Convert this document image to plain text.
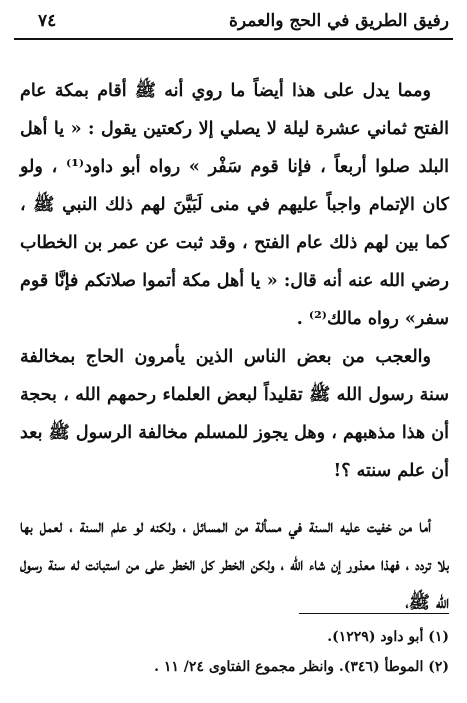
رفيق الطريق في الحج والعمرة
٧٤

ومما يدل على هذا أيضاً ما روي أنه ﷺ أقام بمكة عام الفتح ثماني عشرة ليلة لا يصلي إلا ركعتين يقول : « يا أهل البلد صلوا أربعاً ، فإنا قوم سَفْر » رواه أبو داود⁽¹⁾ ، ولو كان الإتمام واجباً عليهم في منى لَبَيَّنَ لهم ذلك النبي ﷺ ، كما بين لهم ذلك عام الفتح ، وقد ثبت عن عمر بن الخطاب رضي الله عنه أنه قال: « يا أهل مكة أتموا صلاتكم فإنَّا قوم سفر» رواه مالك⁽²⁾ .

والعجب من بعض الناس الذين يأمرون الحاج بمخالفة سنة رسول الله ﷺ تقليداً لبعض العلماء رحمهم الله ، بحجة أن هذا مذهبهم ، وهل يجوز للمسلم مخالفة الرسول ﷺ بعد أن علم سنته ؟!

أما من خفيت عليه السنة في مسألة من المسائل ، ولكنه لو علم السنة ، لعمل بها بلا تردد ، فهذا معذور إن شاء الله ، ولكن الخطر كل الخطر على من استبانت له سنة رسول الله ﷺ،

(١) أبو داود (١٢٢٩).

(٢) الموطأ (٣٤٦). وانظر مجموع الفتاوى ٢٤/ ١١ .
